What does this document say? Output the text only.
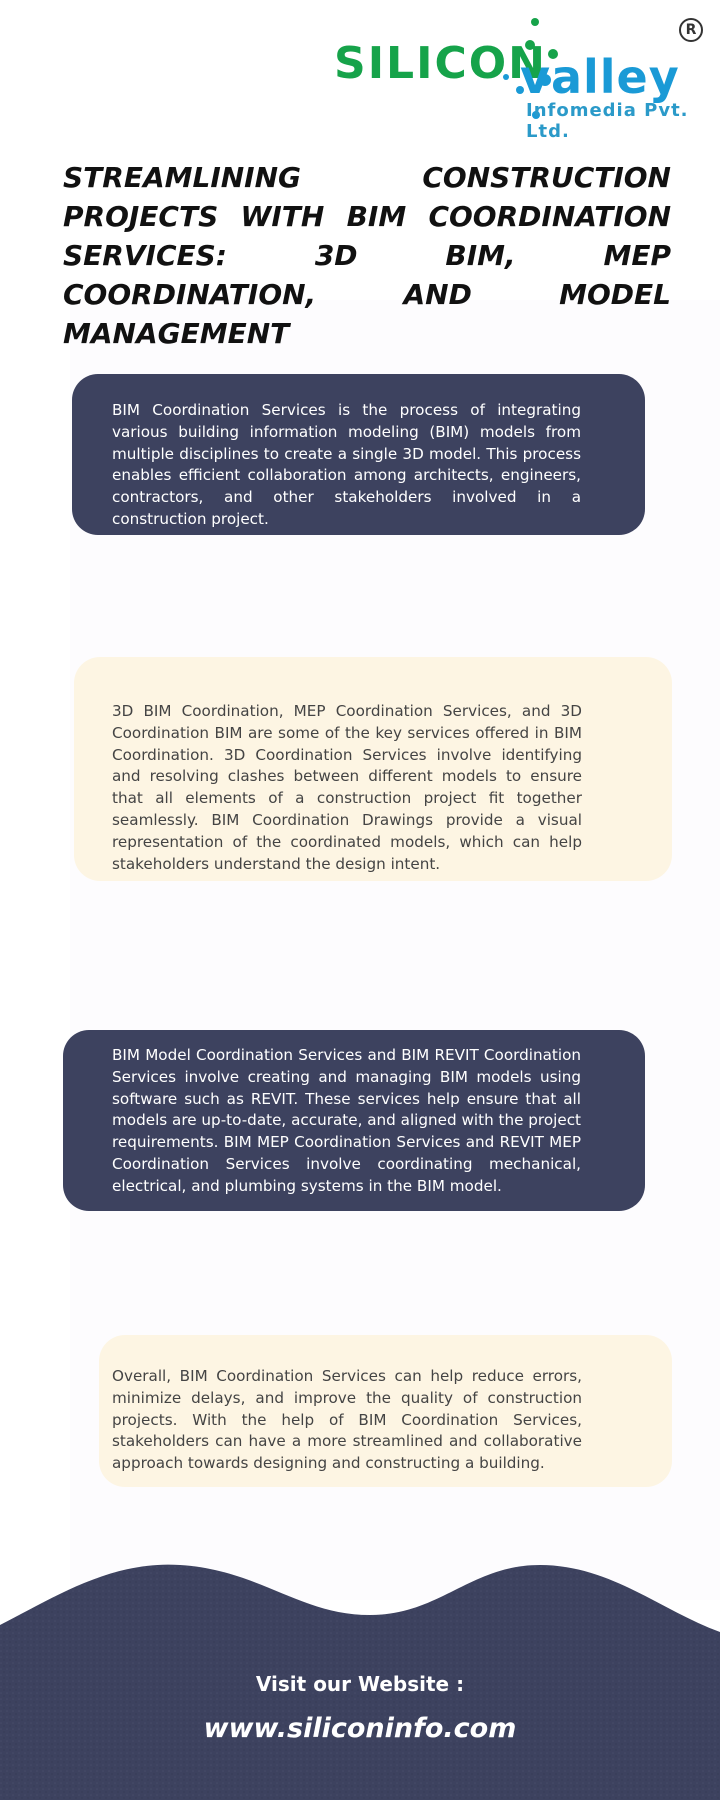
SILICON
valley
Infomedia Pvt. Ltd.
R
STREAMLINING CONSTRUCTION PROJECTS WITH BIM COORDINATION SERVICES: 3D BIM, MEP COORDINATION, AND MODEL MANAGEMENT

BIM Coordination Services is the process of integrating various building information modeling (BIM) models from multiple disciplines to create a single 3D model. This process enables efficient collaboration among architects, engineers, contractors, and other stakeholders involved in a construction project.

3D BIM Coordination, MEP Coordination Services, and 3D Coordination BIM are some of the key services offered in BIM Coordination. 3D Coordination Services involve identifying and resolving clashes between different models to ensure that all elements of a construction project fit together seamlessly. BIM Coordination Drawings provide a visual representation of the coordinated models, which can help stakeholders understand the design intent.

BIM Model Coordination Services and BIM REVIT Coordination Services involve creating and managing BIM models using software such as REVIT. These services help ensure that all models are up-to-date, accurate, and aligned with the project requirements. BIM MEP Coordination Services and REVIT MEP Coordination Services involve coordinating mechanical, electrical, and plumbing systems in the BIM model.

Overall, BIM Coordination Services can help reduce errors, minimize delays, and improve the quality of construction projects. With the help of BIM Coordination Services, stakeholders can have a more streamlined and collaborative approach towards designing and constructing a building.

Visit our Website :
www.siliconinfo.com
